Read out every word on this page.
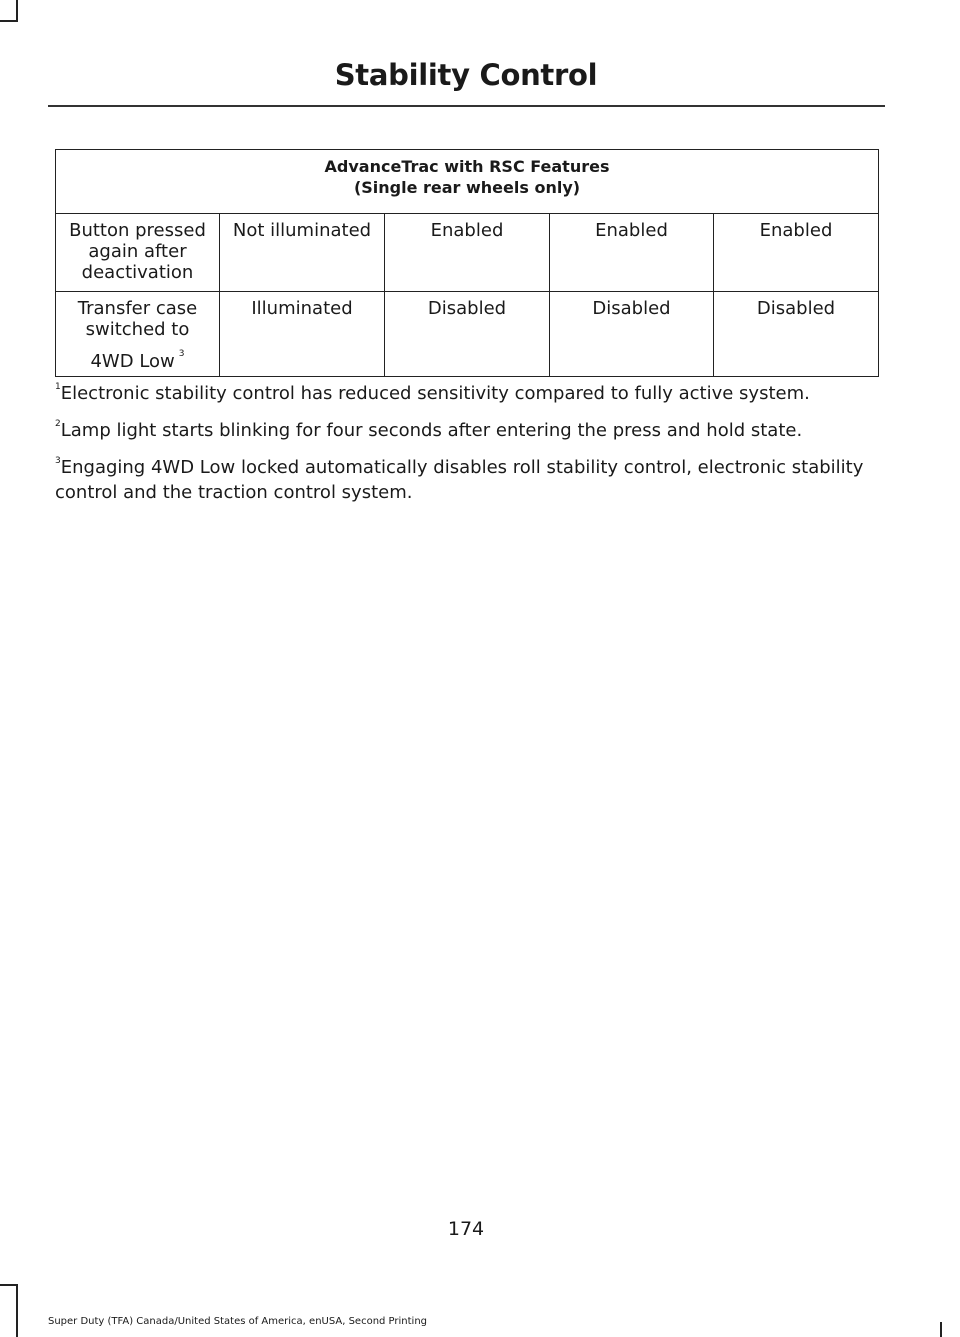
Stability Control
AdvanceTrac with RSC Features
(Single rear wheels only)				

Button pressed again after deactivation	Not illuminated	Enabled	Enabled	Enabled

Transfer case switched to
4WD Low $^3$	Illuminated	Disabled	Disabled	Disabled

$^1$Electronic stability control has reduced sensitivity compared to fully active system.

$^2$Lamp light starts blinking for four seconds after entering the press and hold state.

$^3$Engaging 4WD Low locked automatically disables roll stability control, electronic stability control and the traction control system.

174
Super Duty (TFA) Canada/United States of America, enUSA, Second Printing
